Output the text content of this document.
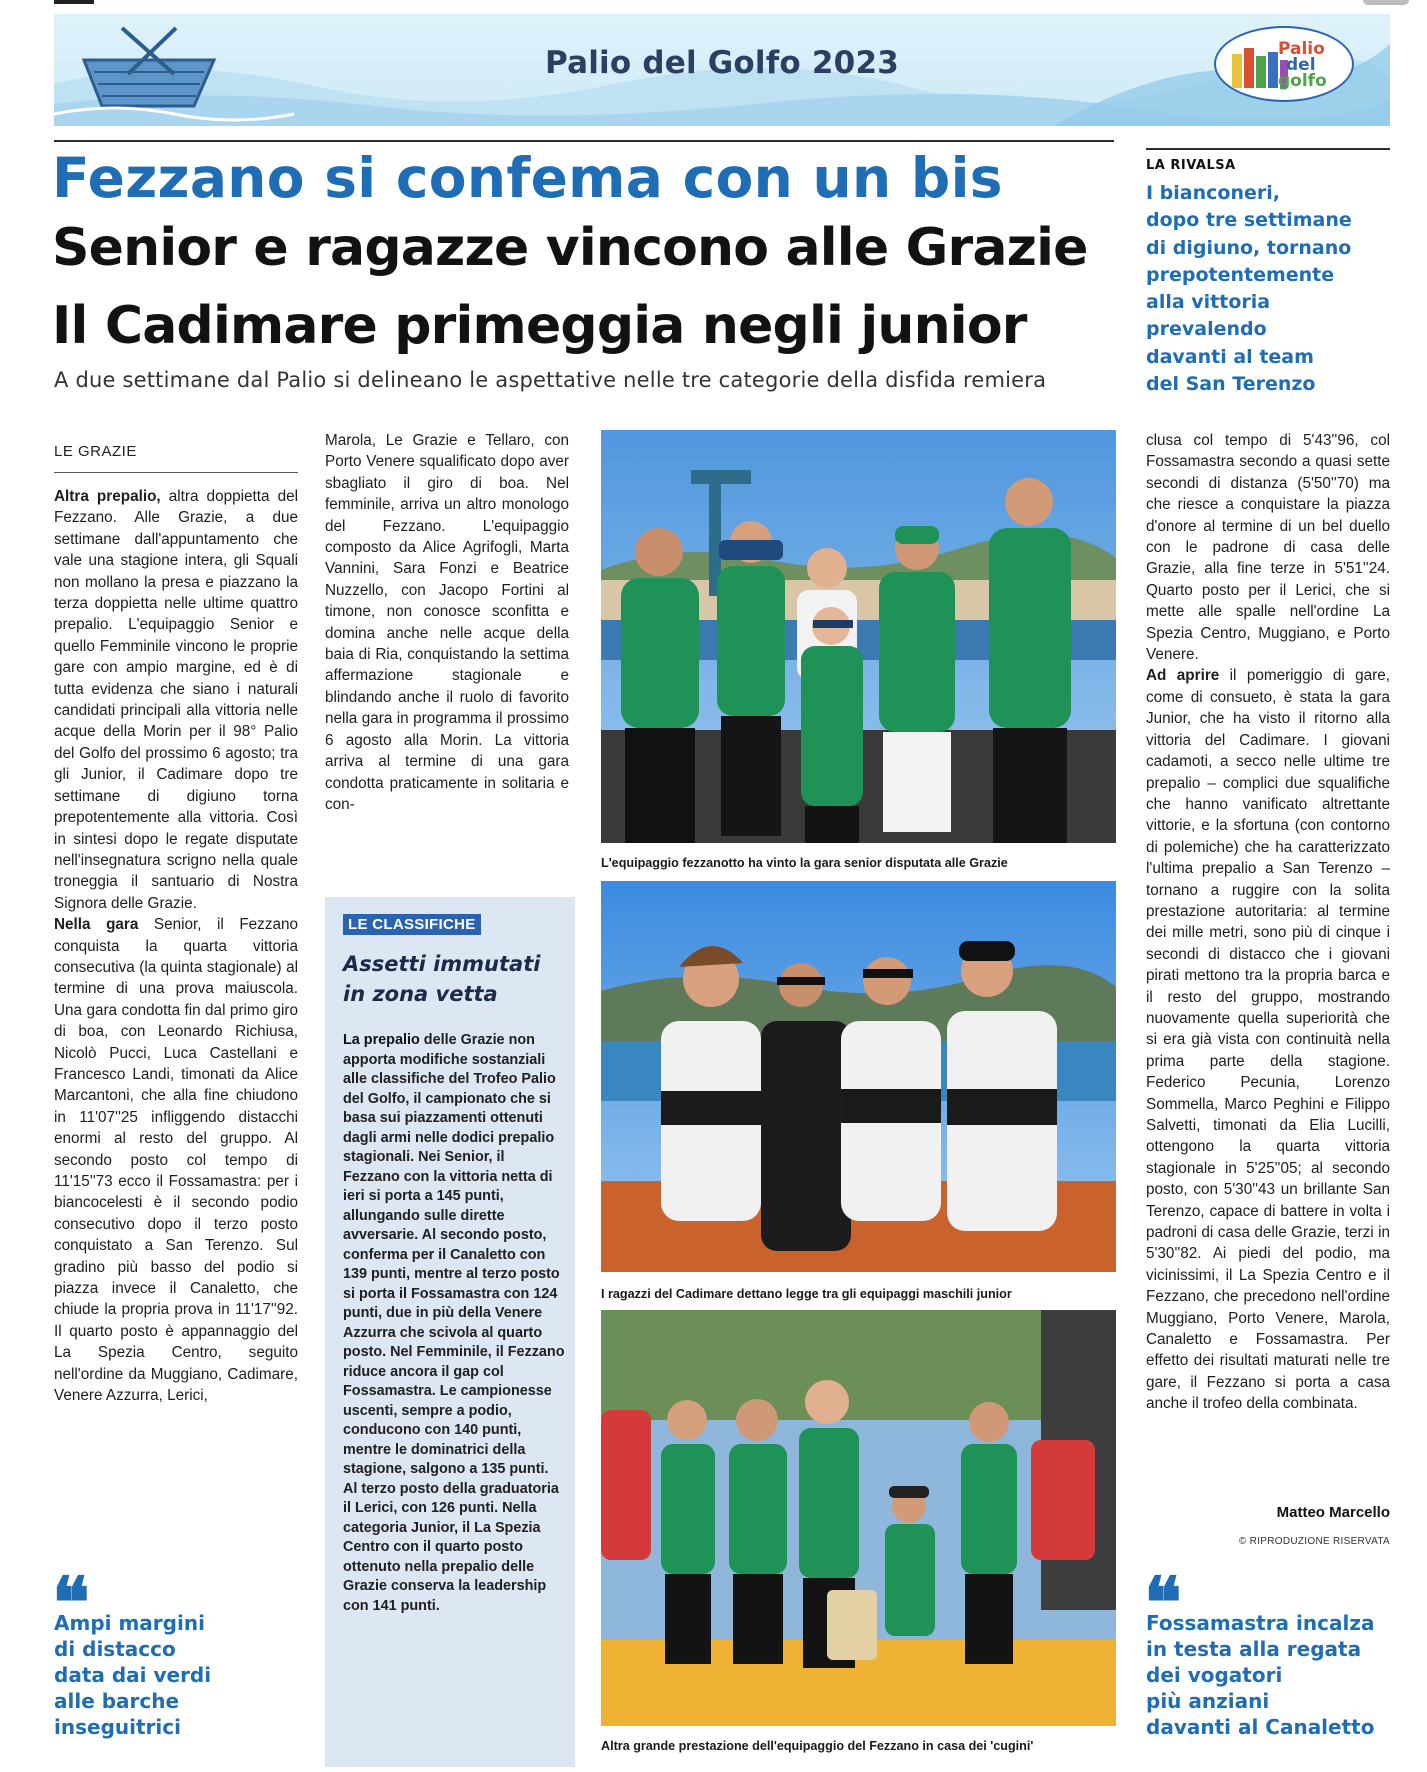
Palio del Golfo 2023	Palio
del
golfo
Fezzano si confema con un bis
Senior e ragazze vincono alle Grazie
Il Cadimare primeggia negli junior
A due settimane dal Palio si delineano le aspettative nelle tre categorie della disfida remiera
LA RIVALSA
I bianconeri,
dopo tre settimane
di digiuno, tornano
prepotentemente
alla vittoria
prevalendo
davanti al team
del San Terenzo
LE GRAZIE

Altra prepalio, altra doppietta del Fezzano. Alle Grazie, a due settimane dall'appuntamento che vale una stagione intera, gli Squali non mollano la presa e piazzano la terza doppietta nelle ultime quattro prepalio. L'equipaggio Senior e quello Femminile vincono le proprie gare con ampio margine, ed è di tutta evidenza che siano i naturali candidati principali alla vittoria nelle acque della Morin per il 98° Palio del Golfo del prossimo 6 agosto; tra gli Junior, il Cadimare dopo tre settimane di digiuno torna prepotentemente alla vittoria. Così in sintesi dopo le regate disputate nell'insegnatura scrigno nella quale troneggia il santuario di Nostra Signora delle Grazie.

Nella gara Senior, il Fezzano conquista la quarta vittoria consecutiva (la quinta stagionale) al termine di una prova maiuscola. Una gara condotta fin dal primo giro di boa, con Leonardo Richiusa, Nicolò Pucci, Luca Castellani e Francesco Landi, timonati da Alice Marcantoni, che alla fine chiudono in 11'07''25 infliggendo distacchi enormi al resto del gruppo. Al secondo posto col tempo di 11'15''73 ecco il Fossamastra: per i biancocelesti è il secondo podio consecutivo dopo il terzo posto conquistato a San Terenzo. Sul gradino più basso del podio si piazza invece il Canaletto, che chiude la propria prova in 11'17''92. Il quarto posto è appannaggio del La Spezia Centro, seguito nell'ordine da Muggiano, Cadimare, Venere Azzurra, Lerici,

Marola, Le Grazie e Tellaro, con Porto Venere squalificato dopo aver sbagliato il giro di boa. Nel femminile, arriva un altro monologo del Fezzano. L'equipaggio composto da Alice Agrifogli, Marta Vannini, Sara Fonzi e Beatrice Nuzzello, con Jacopo Fortini al timone, non conosce sconfitta e domina anche nelle acque della baia di Ria, conquistando la settima affermazione stagionale e blindando anche il ruolo di favorito nella gara in programma il prossimo 6 agosto alla Morin. La vittoria arriva al termine di una gara condotta praticamente in solitaria e con-

LE CLASSIFICHE
Assetti immutati
in zona vetta
La prepalio delle Grazie non apporta modifiche sostanziali alle classifiche del Trofeo Palio del Golfo, il campionato che si basa sui piazzamenti ottenuti dagli armi nelle dodici prepalio stagionali. Nei Senior, il Fezzano con la vittoria netta di ieri si porta a 145 punti, allungando sulle dirette avversarie. Al secondo posto, conferma per il Canaletto con 139 punti, mentre al terzo posto si porta il Fossamastra con 124 punti, due in più della Venere Azzurra che scivola al quarto posto. Nel Femminile, il Fezzano riduce ancora il gap col Fossamastra. Le campionesse uscenti, sempre a podio, conducono con 140 punti, mentre le dominatrici della stagione, salgono a 135 punti. Al terzo posto della graduatoria il Lerici, con 126 punti. Nella categoria Junior, il La Spezia Centro con il quarto posto ottenuto nella prepalio delle Grazie conserva la leadership con 141 punti.
L'equipaggio fezzanotto ha vinto la gara senior disputata alle Grazie
I ragazzi del Cadimare dettano legge tra gli equipaggi maschili junior
Altra grande prestazione dell'equipaggio del Fezzano in casa dei 'cugini'

clusa col tempo di 5'43''96, col Fossamastra secondo a quasi sette secondi di distanza (5'50''70) ma che riesce a conquistare la piazza d'onore al termine di un bel duello con le padrone di casa delle Grazie, alla fine terze in 5'51''24. Quarto posto per il Lerici, che si mette alle spalle nell'ordine La Spezia Centro, Muggiano, e Porto Venere.

Ad aprire il pomeriggio di gare, come di consueto, è stata la gara Junior, che ha visto il ritorno alla vittoria del Cadimare. I giovani cadamoti, a secco nelle ultime tre prepalio – complici due squalifiche che hanno vanificato altrettante vittorie, e la sfortuna (con contorno di polemiche) che ha caratterizzato l'ultima prepalio a San Terenzo – tornano a ruggire con la solita prestazione autoritaria: al termine dei mille metri, sono più di cinque i secondi di distacco che i giovani pirati mettono tra la propria barca e il resto del gruppo, mostrando nuovamente quella superiorità che si era già vista con continuità nella prima parte della stagione. Federico Pecunia, Lorenzo Sommella, Marco Peghini e Filippo Salvetti, timonati da Elia Lucilli, ottengono la quarta vittoria stagionale in 5'25''05; al secondo posto, con 5'30''43 un brillante San Terenzo, capace di battere in volta i padroni di casa delle Grazie, terzi in 5'30''82. Ai piedi del podio, ma vicinissimi, il La Spezia Centro e il Fezzano, che precedono nell'ordine Muggiano, Porto Venere, Marola, Canaletto e Fossamastra. Per effetto dei risultati maturati nelle tre gare, il Fezzano si porta a casa anche il trofeo della combinata.

Matteo Marcello
© RIPRODUZIONE RISERVATA
❝
Ampi margini
di distacco
data dai verdi
alle barche
inseguitrici
❝
Fossamastra incalza
in testa alla regata
dei vogatori
più anziani
davanti al Canaletto
